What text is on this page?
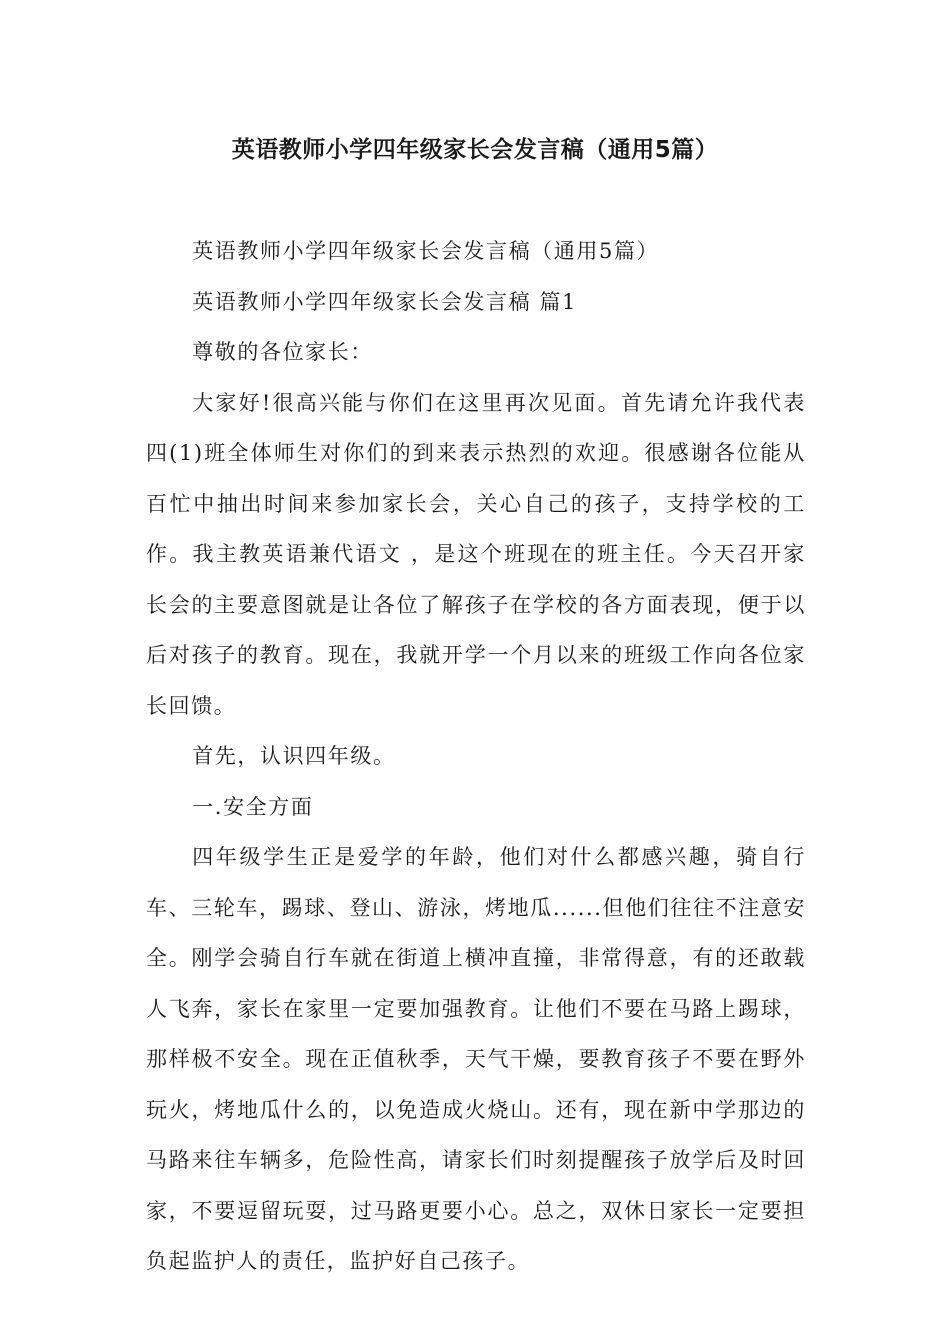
英语教师小学四年级家长会发言稿（通用5篇）

英语教师小学四年级家长会发言稿（通用5篇）

英语教师小学四年级家长会发言稿 篇1

尊敬的各位家长：

大家好!很高兴能与你们在这里再次见面。首先请允许我代表四(1)班全体师生对你们的到来表示热烈的欢迎。很感谢各位能从百忙中抽出时间来参加家长会，关心自己的孩子，支持学校的工作。我主教英语兼代语文 ，是这个班现在的班主任。今天召开家长会的主要意图就是让各位了解孩子在学校的各方面表现，便于以后对孩子的教育。现在，我就开学一个月以来的班级工作向各位家长回馈。

首先，认识四年级。

一.安全方面

四年级学生正是爱学的年龄，他们对什么都感兴趣，骑自行车、三轮车，踢球、登山、游泳，烤地瓜......但他们往往不注意安全。刚学会骑自行车就在街道上横冲直撞，非常得意，有的还敢载人飞奔，家长在家里一定要加强教育。让他们不要在马路上踢球，那样极不安全。现在正值秋季，天气干燥，要教育孩子不要在野外玩火，烤地瓜什么的，以免造成火烧山。还有，现在新中学那边的马路来往车辆多，危险性高，请家长们时刻提醒孩子放学后及时回家，不要逗留玩耍，过马路更要小心。总之，双休日家长一定要担负起监护人的责任，监护好自己孩子。
